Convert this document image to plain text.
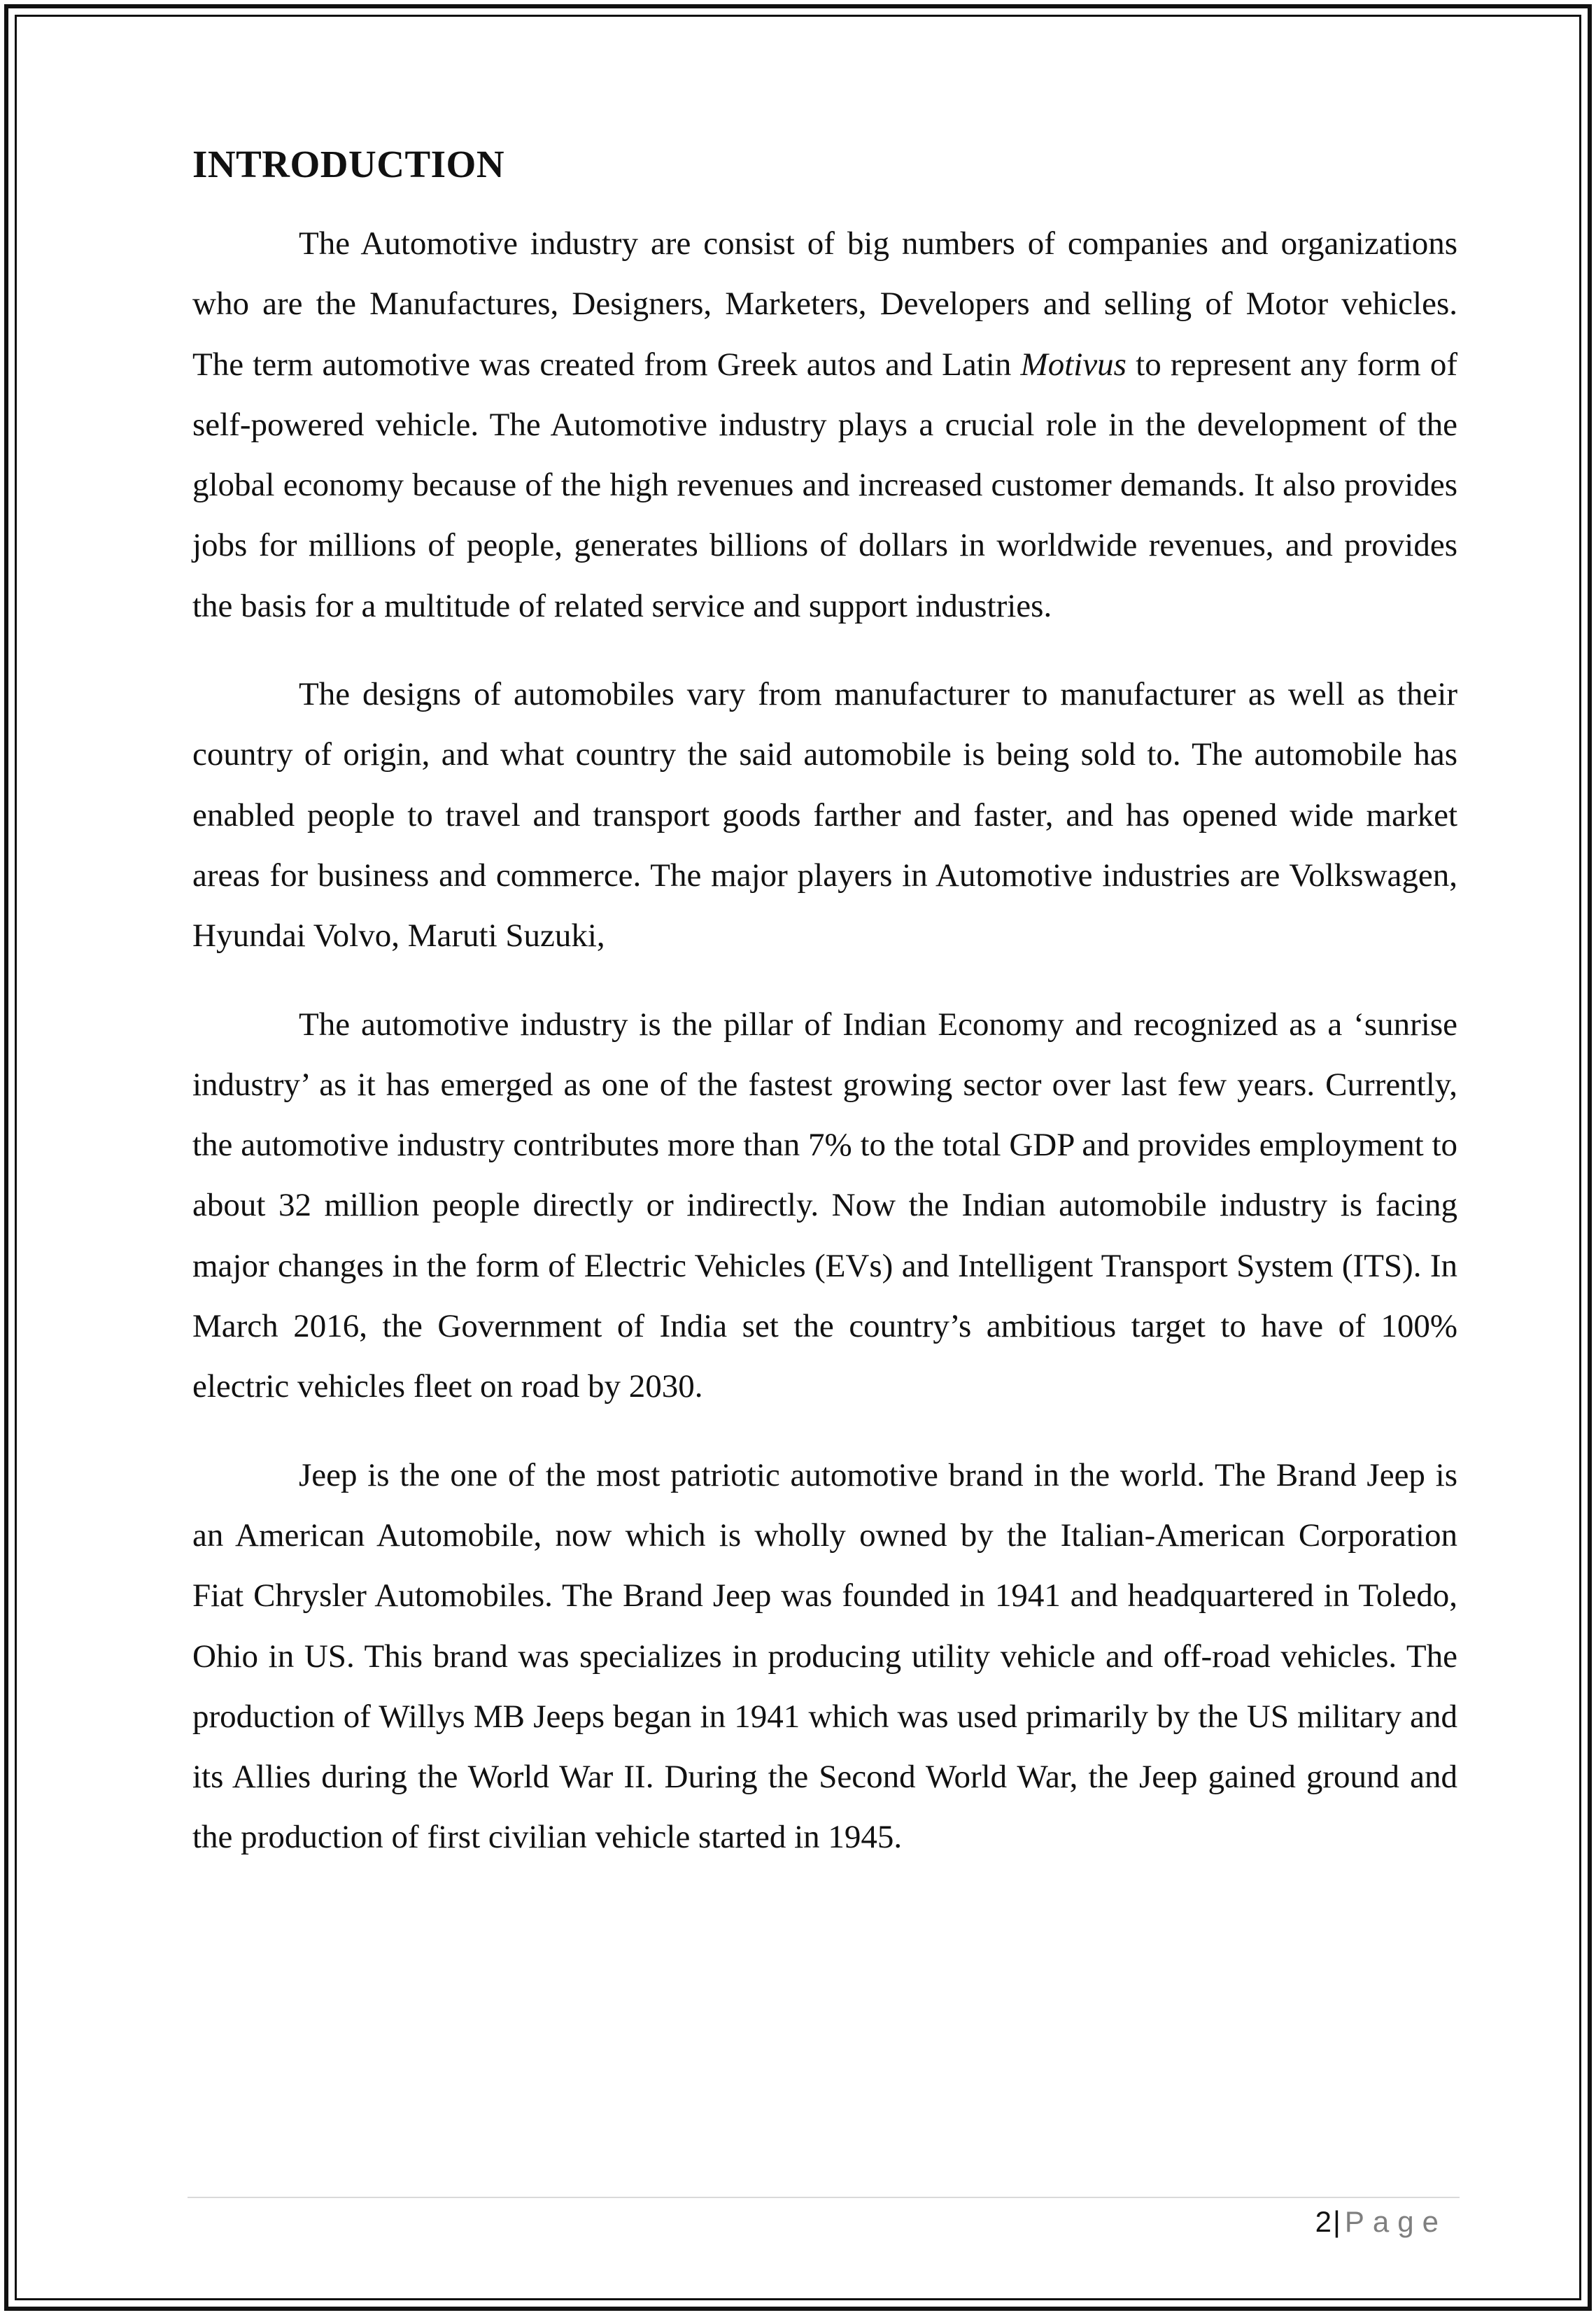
INTRODUCTION

The Automotive industry are consist of big numbers of companies and organizations who are the Manufactures, Designers, Marketers, Developers and selling of Motor vehicles. The term automotive was created from Greek autos and Latin Motivus to represent any form of self-powered vehicle. The Automotive industry plays a crucial role in the development of the global economy because of the high revenues and increased customer demands. It also provides jobs for millions of people, generates billions of dollars in worldwide revenues, and provides the basis for a multitude of related service and support industries.

The designs of automobiles vary from manufacturer to manufacturer as well as their country of origin, and what country the said automobile is being sold to. The automobile has enabled people to travel and transport goods farther and faster, and has opened wide market areas for business and commerce. The major players in Automotive industries are Volkswagen, Hyundai Volvo, Maruti Suzuki,

The automotive industry is the pillar of Indian Economy and recognized as a ‘sunrise industry’ as it has emerged as one of the fastest growing sector over last few years. Currently, the automotive industry contributes more than 7% to the total GDP and provides employment to about 32 million people directly or indirectly. Now the Indian automobile industry is facing major changes in the form of Electric Vehicles (EVs) and Intelligent Transport System (ITS). In March 2016, the Government of India set the country’s ambitious target to have of 100% electric vehicles fleet on road by 2030.

Jeep is the one of the most patriotic automotive brand in the world. The Brand Jeep is an American Automobile, now which is wholly owned by the Italian-American Corporation Fiat Chrysler Automobiles. The Brand Jeep was founded in 1941 and headquartered in Toledo, Ohio in US. This brand was specializes in producing utility vehicle and off-road vehicles. The production of Willys MB Jeeps began in 1941 which was used primarily by the US military and its Allies during the World War II. During the Second World War, the Jeep gained ground and the production of first civilian vehicle started in 1945.

2| Page
